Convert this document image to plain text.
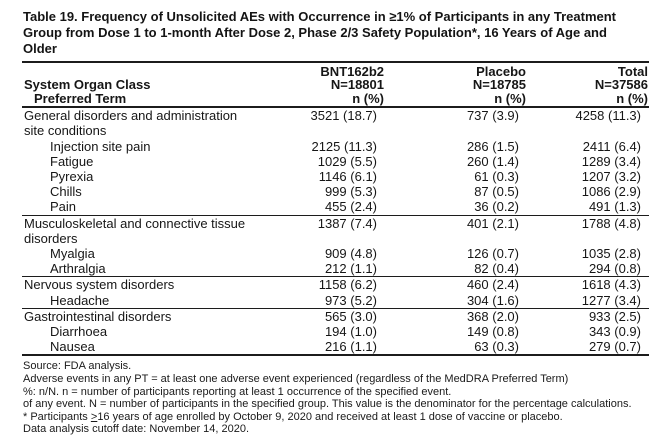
Table 19. Frequency of Unsolicited AEs with Occurrence in ≥1% of Participants in any Treatment
Group from Dose 1 to 1-month After Dose 2, Phase 2/3 Safety Population*, 16 Years of Age and
Older
	BNT162b2	Placebo	Total
System Organ Class	N=18801	N=18785	N=37586
Preferred Term	n (%)	n (%)	n (%)
General disorders and administration
site conditions	3521 (18.7)	737 (3.9)	4258 (11.3)
Injection site pain	2125 (11.3)	286 (1.5)	2411 (6.4)
Fatigue	1029 (5.5)	260 (1.4)	1289 (3.4)
Pyrexia	1146 (6.1)	61 (0.3)	1207 (3.2)
Chills	999 (5.3)	87 (0.5)	1086 (2.9)
Pain	455 (2.4)	36 (0.2)	491 (1.3)
Musculoskeletal and connective tissue
disorders	1387 (7.4)	401 (2.1)	1788 (4.8)
Myalgia	909 (4.8)	126 (0.7)	1035 (2.8)
Arthralgia	212 (1.1)	82 (0.4)	294 (0.8)
Nervous system disorders	1158 (6.2)	460 (2.4)	1618 (4.3)
Headache	973 (5.2)	304 (1.6)	1277 (3.4)
Gastrointestinal disorders	565 (3.0)	368 (2.0)	933 (2.5)
Diarrhoea	194 (1.0)	149 (0.8)	343 (0.9)
Nausea	216 (1.1)	63 (0.3)	279 (0.7)
Source: FDA analysis.
Adverse events in any PT = at least one adverse event experienced (regardless of the MedDRA Preferred Term)
%: n/N. n = number of participants reporting at least 1 occurrence of the specified event.
of any event. N = number of participants in the specified group. This value is the denominator for the percentage calculations.
* Participants ≥16 years of age enrolled by October 9, 2020 and received at least 1 dose of vaccine or placebo.
Data analysis cutoff date: November 14, 2020.
